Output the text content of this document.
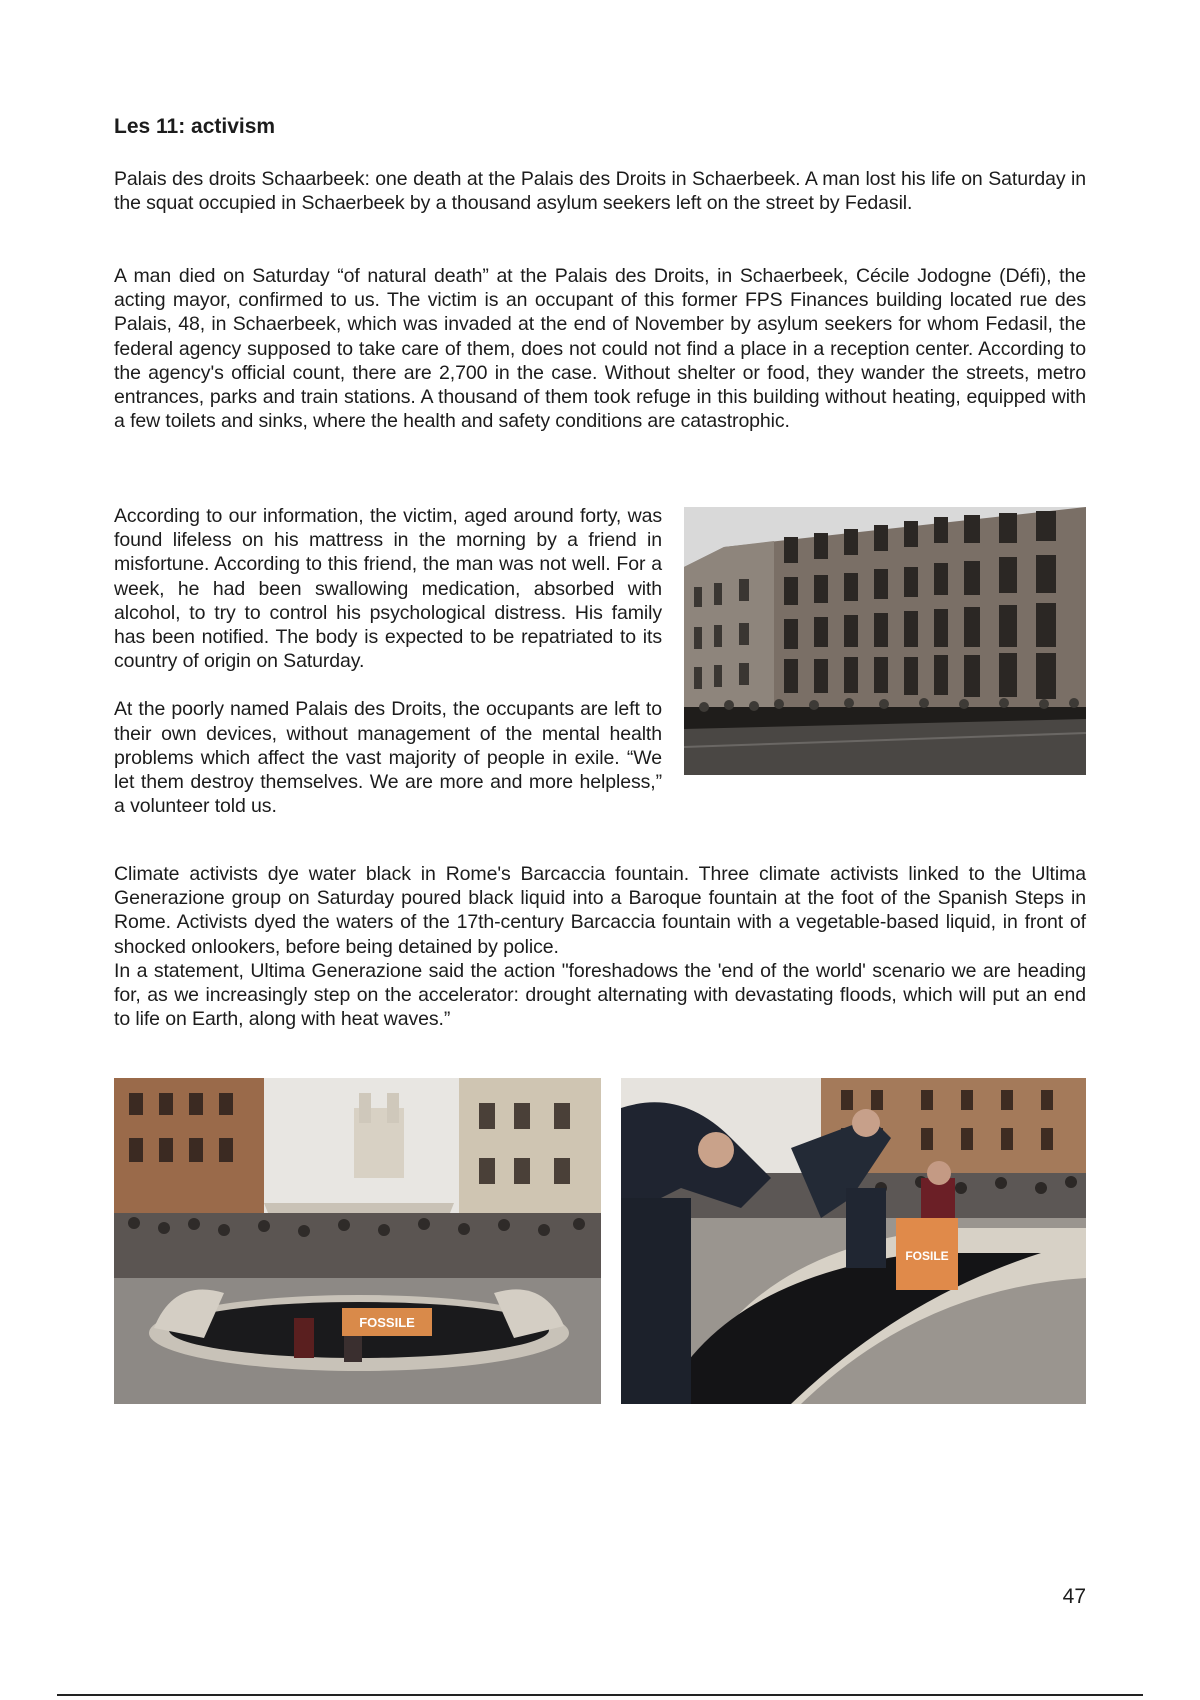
Les 11: activism

Palais des droits Schaarbeek: one death at the Palais des Droits in Schaerbeek. A man lost his life on Saturday in the squat occupied in Schaerbeek by a thousand asylum seekers left on the street by Fedasil.

A man died on Saturday “of natural death” at the Palais des Droits, in Schaerbeek, Cécile Jodogne (Défi), the acting mayor, confirmed to us. The victim is an occupant of this former FPS Finances building located rue des Palais, 48, in Schaerbeek, which was invaded at the end of November by asylum seekers for whom Fedasil, the federal agency supposed to take care of them, does not could not find a place in a reception center. According to the agency's official count, there are 2,700 in the case. Without shelter or food, they wander the streets, metro entrances, parks and train stations. A thousand of them took refuge in this building without heating, equipped with a few toilets and sinks, where the health and safety conditions are catastrophic.

According to our information, the victim, aged around forty, was found lifeless on his mattress in the morning by a friend in misfortune. According to this friend, the man was not well. For a week, he had been swallowing medication, absorbed with alcohol, to try to control his psychological distress. His family has been notified. The body is expected to be repatriated to its country of origin on Saturday.

At the poorly named Palais des Droits, the occupants are left to their own devices, without management of the mental health problems which affect the vast majority of people in exile. “We let them destroy themselves. We are more and more helpless,” a volunteer told us.

Climate activists dye water black in Rome's Barcaccia fountain. Three climate activists linked to the Ultima Generazione group on Saturday poured black liquid into a Baroque fountain at the foot of the Spanish Steps in Rome. Activists dyed the waters of the 17th-century Barcaccia fountain with a vegetable-based liquid, in front of shocked onlookers, before being detained by police.
In a statement, Ultima Generazione said the action "foreshadows the 'end of the world' scenario we are heading for, as we increasingly step on the accelerator: drought alternating with devastating floods, which will put an end to life on Earth, along with heat waves.”

FOSSILE
FOSILE

47
